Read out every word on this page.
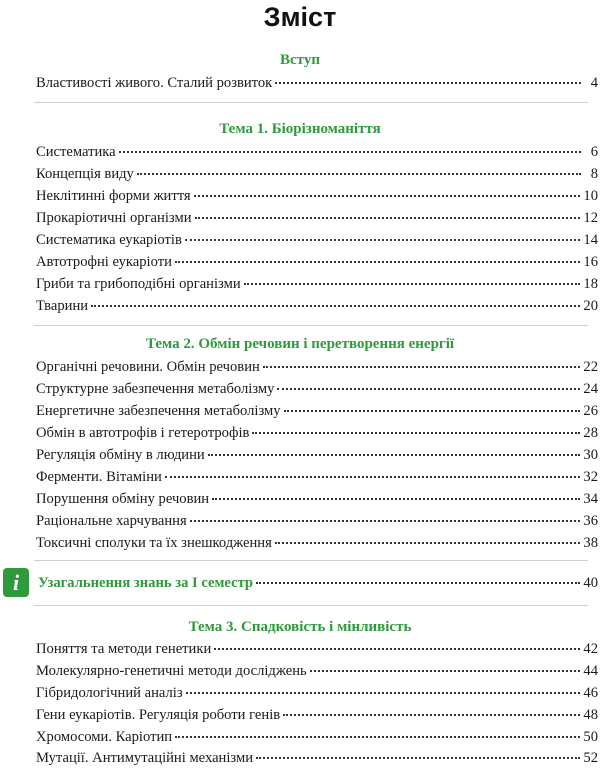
Зміст
Вступ
Властивості живого. Сталий розвиток	4
Тема 1. Біорізноманіття
Систематика	6
Концепція виду	8
Неклітинні форми життя	10
Прокаріотичні організми	12
Систематика еукаріотів	14
Автотрофні еукаріоти	16
Гриби та грибоподібні організми	18
Тварини	20
Тема 2. Обмін речовин і перетворення енергії
Органічні речовини. Обмін речовин	22
Структурне забезпечення метаболізму	24
Енергетичне забезпечення метаболізму	26
Обмін в автотрофів і гетеротрофів	28
Регуляція обміну в людини	30
Ферменти. Вітаміни	32
Порушення обміну речовин	34
Раціональне харчування	36
Токсичні сполуки та їх знешкодження	38
i	Узагальнення знань за І семестр	40
Тема 3. Спадковість і мінливість
Поняття та методи генетики	42
Молекулярно-генетичні методи досліджень	44
Гібридологічний аналіз	46
Гени еукаріотів. Регуляція роботи генів	48
Хромосоми. Каріотип	50
Мутації. Антимутаційні механізми	52
